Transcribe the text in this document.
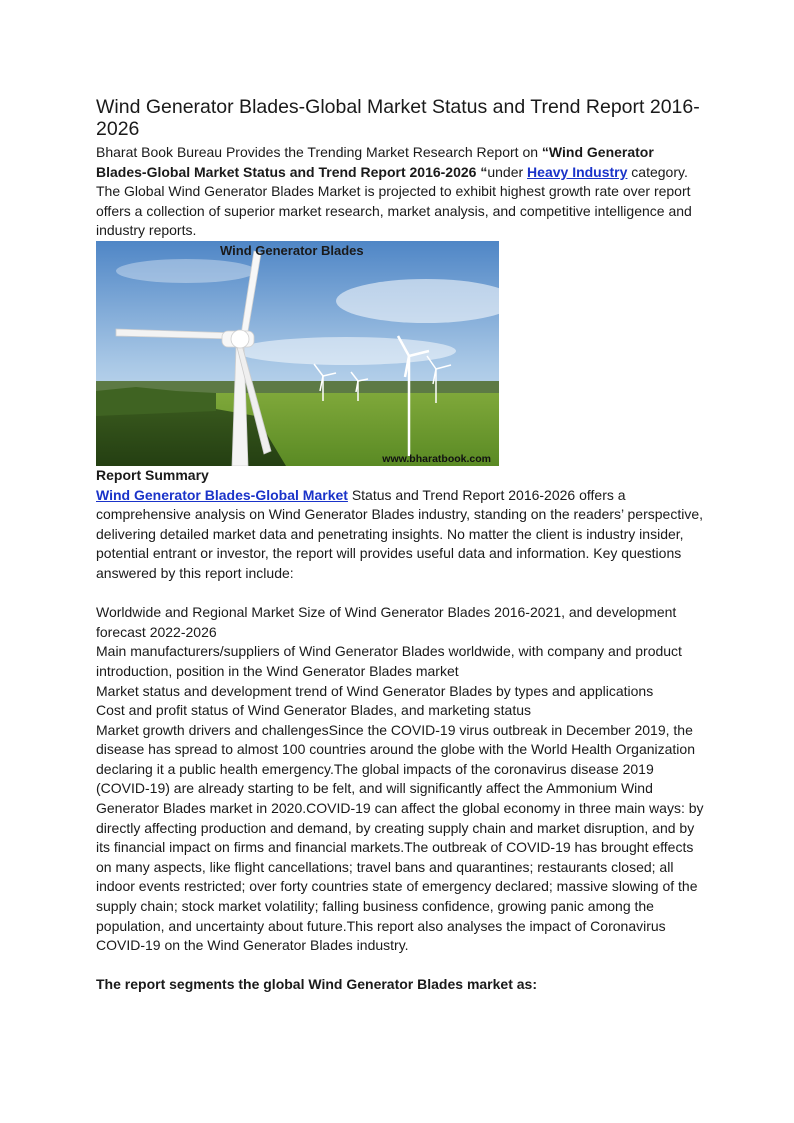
Wind Generator Blades-Global Market Status and Trend Report 2016-2026

Bharat Book Bureau Provides the Trending Market Research Report on “Wind Generator Blades-Global Market Status and Trend Report 2016-2026 “under Heavy Industry category.

The Global Wind Generator Blades Market is projected to exhibit highest growth rate over report offers a collection of superior market research, market analysis, and competitive intelligence and industry reports.

Wind Generator Blades
www.bharatbook.com

Report Summary

Wind Generator Blades-Global Market Status and Trend Report 2016-2026 offers a comprehensive analysis on Wind Generator Blades industry, standing on the readers’ perspective, delivering detailed market data and penetrating insights. No matter the client is industry insider, potential entrant or investor, the report will provides useful data and information. Key questions answered by this report include:

Worldwide and Regional Market Size of Wind Generator Blades 2016-2021, and development forecast 2022-2026

Main manufacturers/suppliers of Wind Generator Blades worldwide, with company and product introduction, position in the Wind Generator Blades market

Market status and development trend of Wind Generator Blades by types and applications

Cost and profit status of Wind Generator Blades, and marketing status

Market growth drivers and challengesSince the COVID-19 virus outbreak in December 2019, the disease has spread to almost 100 countries around the globe with the World Health Organization declaring it a public health emergency.The global impacts of the coronavirus disease 2019 (COVID-19) are already starting to be felt, and will significantly affect the Ammonium Wind Generator Blades market in 2020.COVID-19 can affect the global economy in three main ways: by directly affecting production and demand, by creating supply chain and market disruption, and by its financial impact on firms and financial markets.The outbreak of COVID-19 has brought effects on many aspects, like flight cancellations; travel bans and quarantines; restaurants closed; all indoor events restricted; over forty countries state of emergency declared; massive slowing of the supply chain; stock market volatility; falling business confidence, growing panic among the population, and uncertainty about future.This report also analyses the impact of Coronavirus COVID-19 on the Wind Generator Blades industry.

The report segments the global Wind Generator Blades market as:
